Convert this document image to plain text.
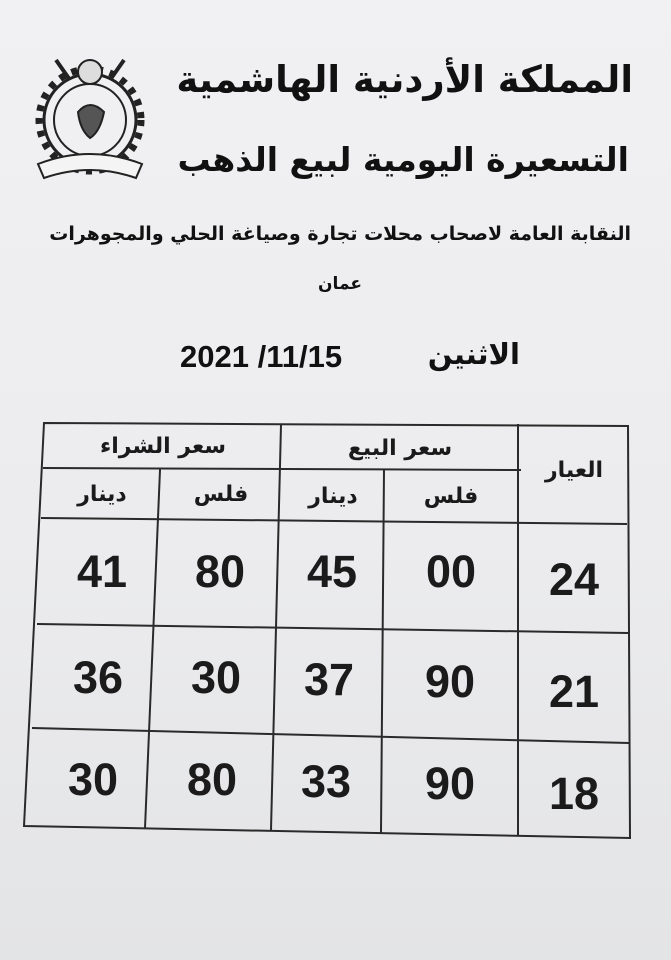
المملكة الأردنية الهاشمية
التسعيرة اليومية لبيع الذهب
النقابة العامة لاصحاب محلات تجارة وصياغة الحلي والمجوهرات
عمان
الاثنين
2021 /11/15
العيار
سعر البيع
سعر الشراء
فلس
دينار
فلس
دينار
24
00
45
80
41
21
90
37
30
36
18
90
33
80
30
